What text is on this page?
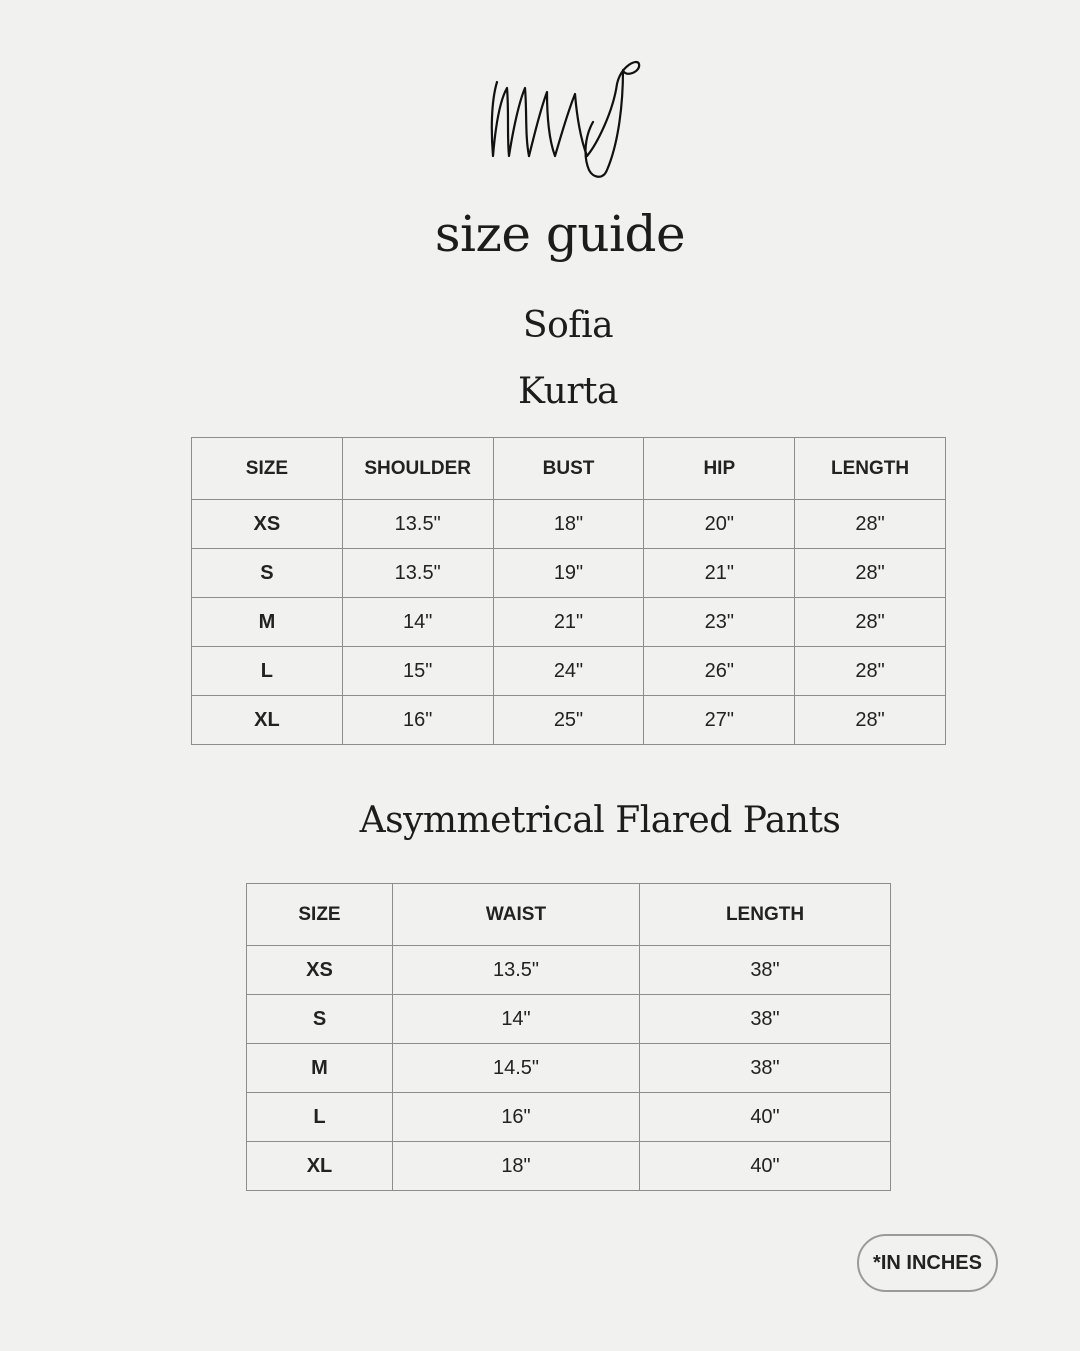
size guide
Sofia
Kurta
SIZE	SHOULDER	BUST	HIP	LENGTH
XS	13.5"	18"	20"	28"
S	13.5"	19"	21"	28"
M	14"	21"	23"	28"
L	15"	24"	26"	28"
XL	16"	25"	27"	28"
Asymmetrical Flared Pants
SIZE	WAIST	LENGTH
XS	13.5"	38"
S	14"	38"
M	14.5"	38"
L	16"	40"
XL	18"	40"
*IN INCHES
